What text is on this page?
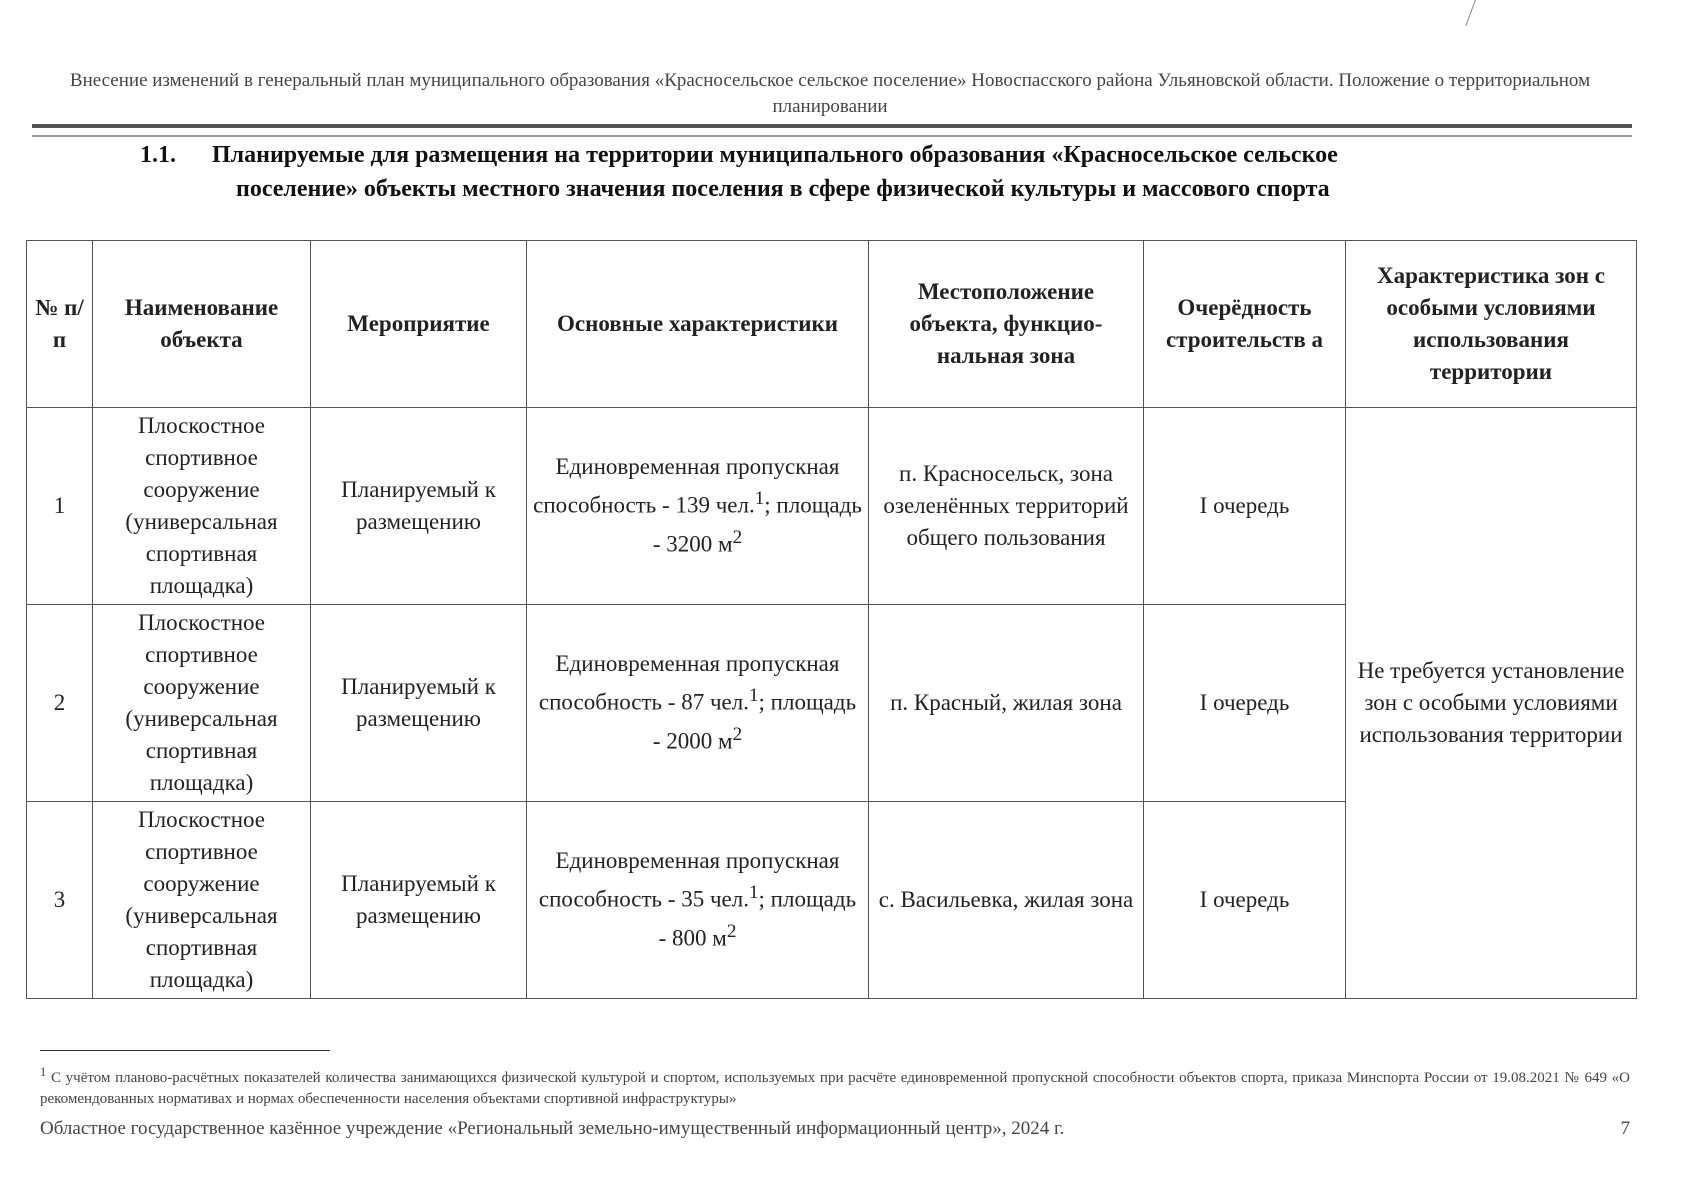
Внесение изменений в генеральный план муниципального образования «Красносельское сельское поселение» Новоспасского района Ульяновской области. Положение о территориальном планировании
1.1. Планируемые для размещения на территории муниципального образования «Красносельское сельское
поселение» объекты местного значения поселения в сфере физической культуры и массового спорта
№ п/п	Наименование объекта	Мероприятие	Основные характеристики	Местоположение объекта, функцио-нальная зона	Очерёдность строительств а	Характеристика зон с особыми условиями использования территории
1	Плоскостное спортивное сооружение (универсальная спортивная площадка)	Планируемый к размещению	Единовременная пропускная способность - 139 чел.$^1$; площадь - 3200 $м^2$	п. Красносельск, зона озеленённых территорий общего пользования	I очередь	Не требуется установление зон с особыми условиями использования территории
2	Плоскостное спортивное сооружение (универсальная спортивная площадка)	Планируемый к размещению	Единовременная пропускная способность - 87 чел.$^1$; площадь - 2000 $м^2$	п. Красный, жилая зона	I очередь	
3	Плоскостное спортивное сооружение (универсальная спортивная площадка)	Планируемый к размещению	Единовременная пропускная способность - 35 чел.$^1$; площадь - 800 $м^2$	с. Васильевка, жилая зона	I очередь	
$^1$ С учётом планово-расчётных показателей количества занимающихся физической культурой и спортом, используемых при расчёте единовременной пропускной способности объектов спорта, приказа Минспорта России от 19.08.2021 № 649 «О рекомендованных нормативах и нормах обеспеченности населения объектами спортивной инфраструктуры»
Областное государственное казённое учреждение «Региональный земельно-имущественный информационный центр», 2024 г.	7
